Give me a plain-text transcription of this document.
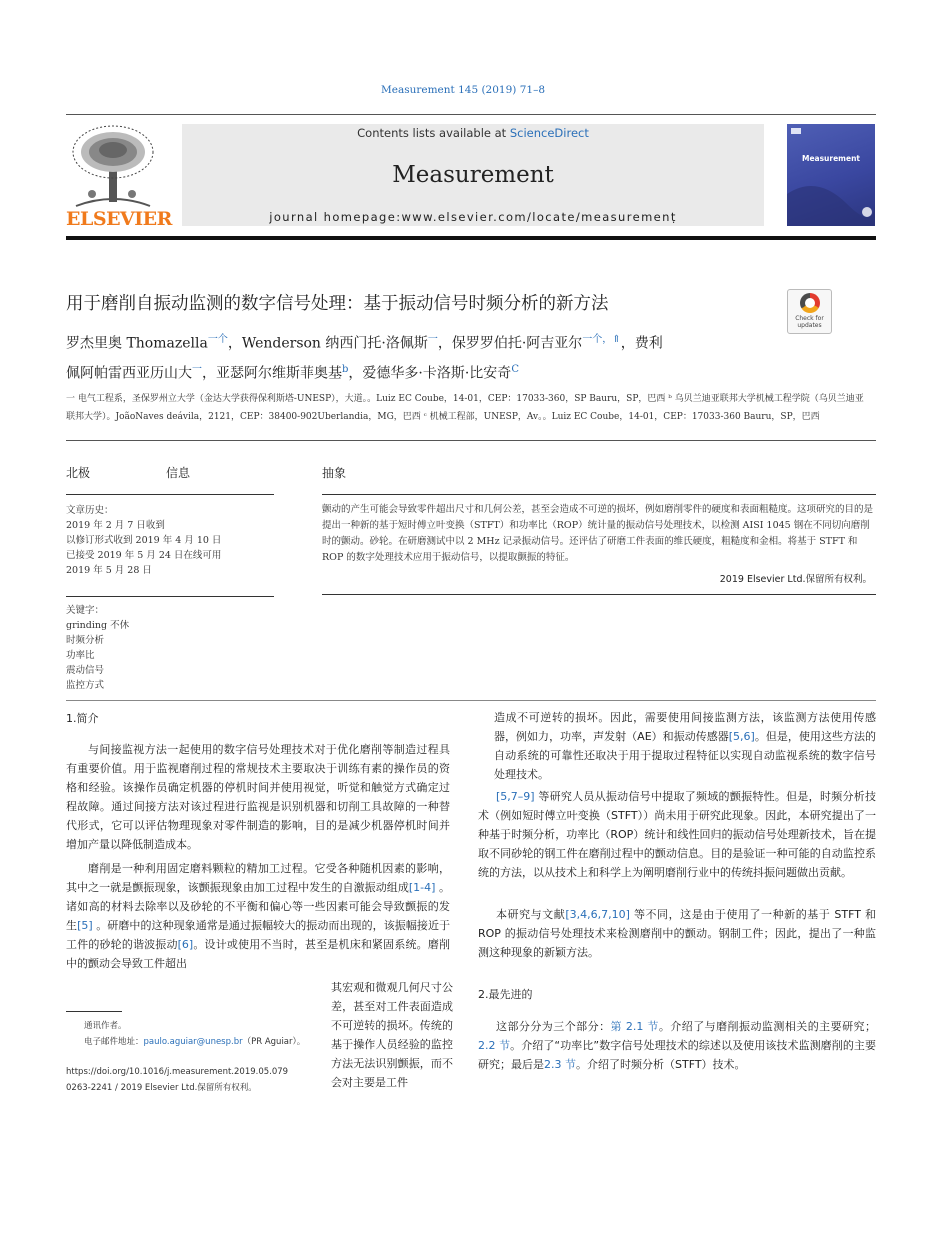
Measurement 145 (2019) 71–8
ELSEVIER
Contents lists available at ScienceDirect
Measurement
journal homepage:www.elsevier.com/locate/measuremenṭ
Measurement
用于磨削自振动监测的数字信号处理：基于振动信号时频分析的新方法
Check for updates
罗杰里奥 Thomazella$^{一个}$，Wenderson 纳西门托·洛佩斯$^一$，保罗罗伯托·阿吉亚尔$^{一个,⇑}$，费利
佩阿帕雷西亚历山大$^一$，亚瑟阿尔维斯菲奥基$^b$，爱德华多·卡洛斯·比安奇$^C$
一 电气工程系，圣保罗州立大学（金达大学获得保利斯塔-UNESP），大道。。Luiz EC Coube，14-01，CEP：17033-360，SP Bauru，SP，巴西 ᵇ 乌贝兰迪亚联邦大学机械工程学院（乌贝兰迪亚联邦大学）。JoãoNaves deávila，2121，CEP：38400-902Uberlandia，MG，巴西 ᶜ 机械工程部，UNESP，Av。。Luiz EC Coube，14-01，CEP：17033-360 Bauru，SP，巴西
北极	信息
文章历史：
2019 年 2 月 7 日收到
以修订形式收到 2019 年 4 月 10 日
已接受 2019 年 5 月 24 日在线可用
2019 年 5 月 28 日
关键字：
grinding 不休
时频分析
功率比
震动信号
监控方式
抽象
颤动的产生可能会导致零件超出尺寸和几何公差，甚至会造成不可逆的损坏，例如磨削零件的硬度和表面粗糙度。这项研究的目的是提出一种新的基于短时傅立叶变换（STFT）和功率比（ROP）统计量的振动信号处理技术，以检测 AISI 1045 钢在不同切向磨削时的颤动。砂轮。在研磨测试中以 2 MHz 记录振动信号。还评估了研磨工件表面的维氏硬度，粗糙度和金相。将基于 STFT 和 ROP 的数字处理技术应用于振动信号，以提取颤振的特征。
2019 Elsevier Ltd.保留所有权利。
1.简介

与间接监视方法一起使用的数字信号处理技术对于优化磨削等制造过程具有重要价值。用于监视磨削过程的常规技术主要取决于训练有素的操作员的资格和经验。该操作员确定机器的停机时间并使用视觉，听觉和触觉方式确定过程故障。通过间接方法对该过程进行监视是识别机器和切削工具故障的一种替代形式，它可以评估物理现象对零件制造的影响，目的是减少机器停机时间并增加产量以降低制造成本。

磨削是一种利用固定磨料颗粒的精加工过程。它受各种随机因素的影响，其中之一就是颤振现象，该颤振现象由加工过程中发生的自激振动组成[1-4] 。诸如高的材料去除率以及砂轮的不平衡和偏心等一些因素可能会导致颤振的发生[5] 。研磨中的这种现象通常是通过振幅较大的振动而出现的，该振幅接近于工件的砂轮的谐波振动[6]。设计或使用不当时，甚至是机床和紧固系统。磨削中的颤动会导致工件超出

其宏观和微观几何尺寸公差，甚至对工件表面造成不可逆转的损坏。传统的基于操作人员经验的监控方法无法识别颤振，而不会对主要是工件

通讯作者。
电子邮件地址：paulo.aguiar@unesp.br（PR Aguiar）。
https://doi.org/10.1016/j.measurement.2019.05.079
0263-2241 / 2019 Elsevier Ltd.保留所有权利。

造成不可逆转的损坏。因此，需要使用间接监测方法，该监测方法使用传感器，例如力，功率，声发射（AE）和振动传感器[5,6]。但是，使用这些方法的自动系统的可靠性还取决于用于提取过程特征以实现自动监视系统的数字信号处理技术。

[5,7–9] 等研究人员从振动信号中提取了频域的颤振特性。但是，时频分析技术（例如短时傅立叶变换（STFT））尚未用于研究此现象。因此，本研究提出了一种基于时频分析，功率比（ROP）统计和线性回归的振动信号处理新技术，旨在提取不同砂轮的钢工件在磨削过程中的颤动信息。目的是验证一种可能的自动监控系统的方法，以从技术上和科学上为阐明磨削行业中的传统抖振问题做出贡献。

本研究与文献[3,4,6,7,10] 等不同，这是由于使用了一种新的基于 STFT 和 ROP 的振动信号处理技术来检测磨削中的颤动。钢制工件；因此，提出了一种监测这种现象的新颖方法。

2.最先进的

这部分分为三个部分：第 2.1 节。介绍了与磨削振动监测相关的主要研究；2.2 节。介绍了“功率比”数字信号处理技术的综述以及使用该技术监测磨削的主要研究；最后是2.3 节。介绍了时频分析（STFT）技术。
